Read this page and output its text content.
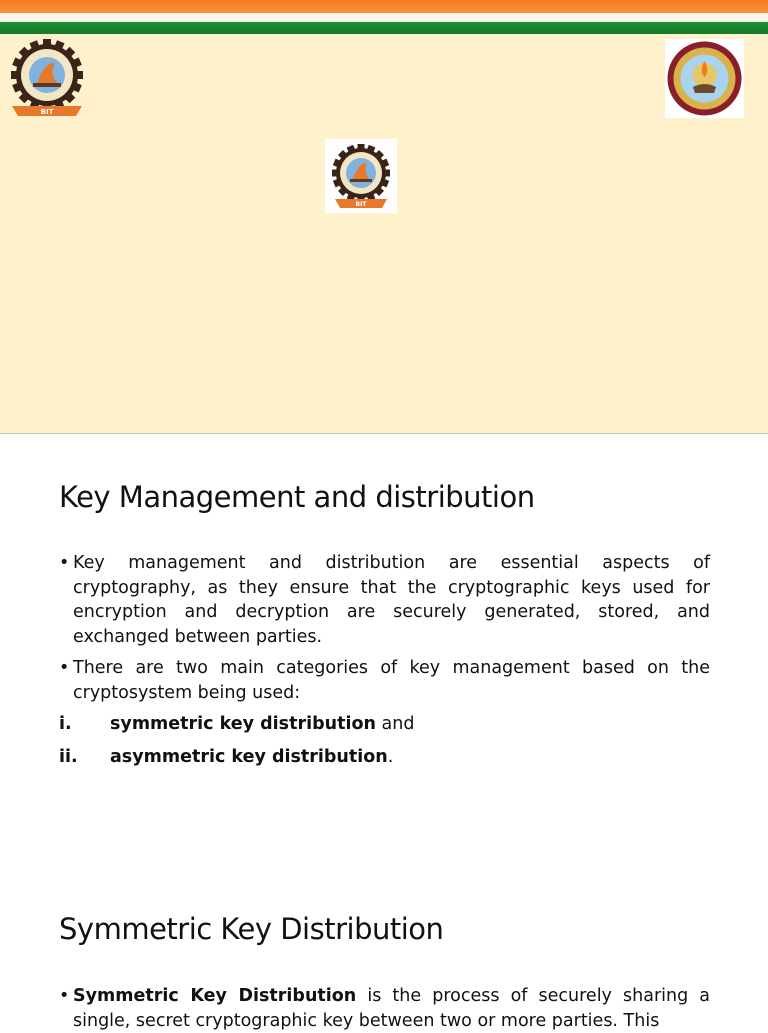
BIT
BIT
Key Management and distribution
• Key management and distribution are essential aspects of cryptography, as they ensure that the cryptographic keys used for encryption and decryption are securely generated, stored, and exchanged between parties.
• There are two main categories of key management based on the cryptosystem being used:
i. symmetric key distribution and
ii. asymmetric key distribution.
Symmetric Key Distribution
• Symmetric Key Distribution is the process of securely sharing a single, secret cryptographic key between two or more parties. This
